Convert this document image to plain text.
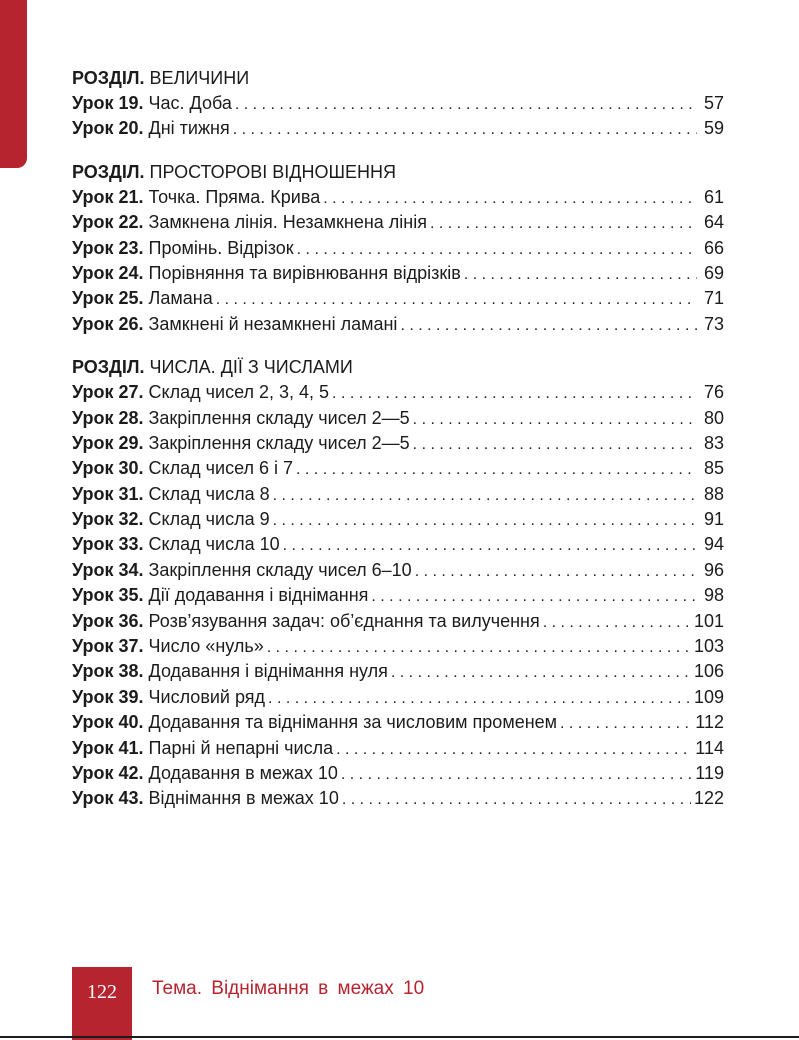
РОЗДІЛ. ВЕЛИЧИНИ
Урок 19. Час. Доба . . .	57
Урок 20. Дні тижня . . .	59
РОЗДІЛ. ПРОСТОРОВІ ВІДНОШЕННЯ
Урок 21. Точка. Пряма. Крива . . .	61
Урок 22. Замкнена лінія. Незамкнена лінія . . .	64
Урок 23. Промінь. Відрізок . . .	66
Урок 24. Порівняння та вирівнювання відрізків . . .	69
Урок 25. Ламана . . .	71
Урок 26. Замкнені й незамкнені ламані . . .	73
РОЗДІЛ. ЧИСЛА. ДІЇ З ЧИСЛАМИ
Урок 27. Склад чисел 2, 3, 4, 5 . . .	76
Урок 28. Закріплення складу чисел 2—5 . . .	80
Урок 29. Закріплення складу чисел 2—5 . . .	83
Урок 30. Склад чисел 6 і 7 . . .	85
Урок 31. Склад числа 8 . . .	88
Урок 32. Склад числа 9 . . .	91
Урок 33. Склад числа 10 . . .	94
Урок 34. Закріплення складу чисел 6–10 . . .	96
Урок 35. Дії додавання і віднімання . . .	98
Урок 36. Розв’язування задач: об’єднання та вилучення . . .	101
Урок 37. Число «нуль» . . .	103
Урок 38. Додавання і віднімання нуля . . .	106
Урок 39. Числовий ряд . . .	109
Урок 40. Додавання та віднімання за числовим променем . . .	112
Урок 41. Парні й непарні числа . . .	114
Урок 42. Додавання в межах 10 . . .	119
Урок 43. Віднімання в межах 10 . . .	122
122	Тема. Віднімання в межах 10
